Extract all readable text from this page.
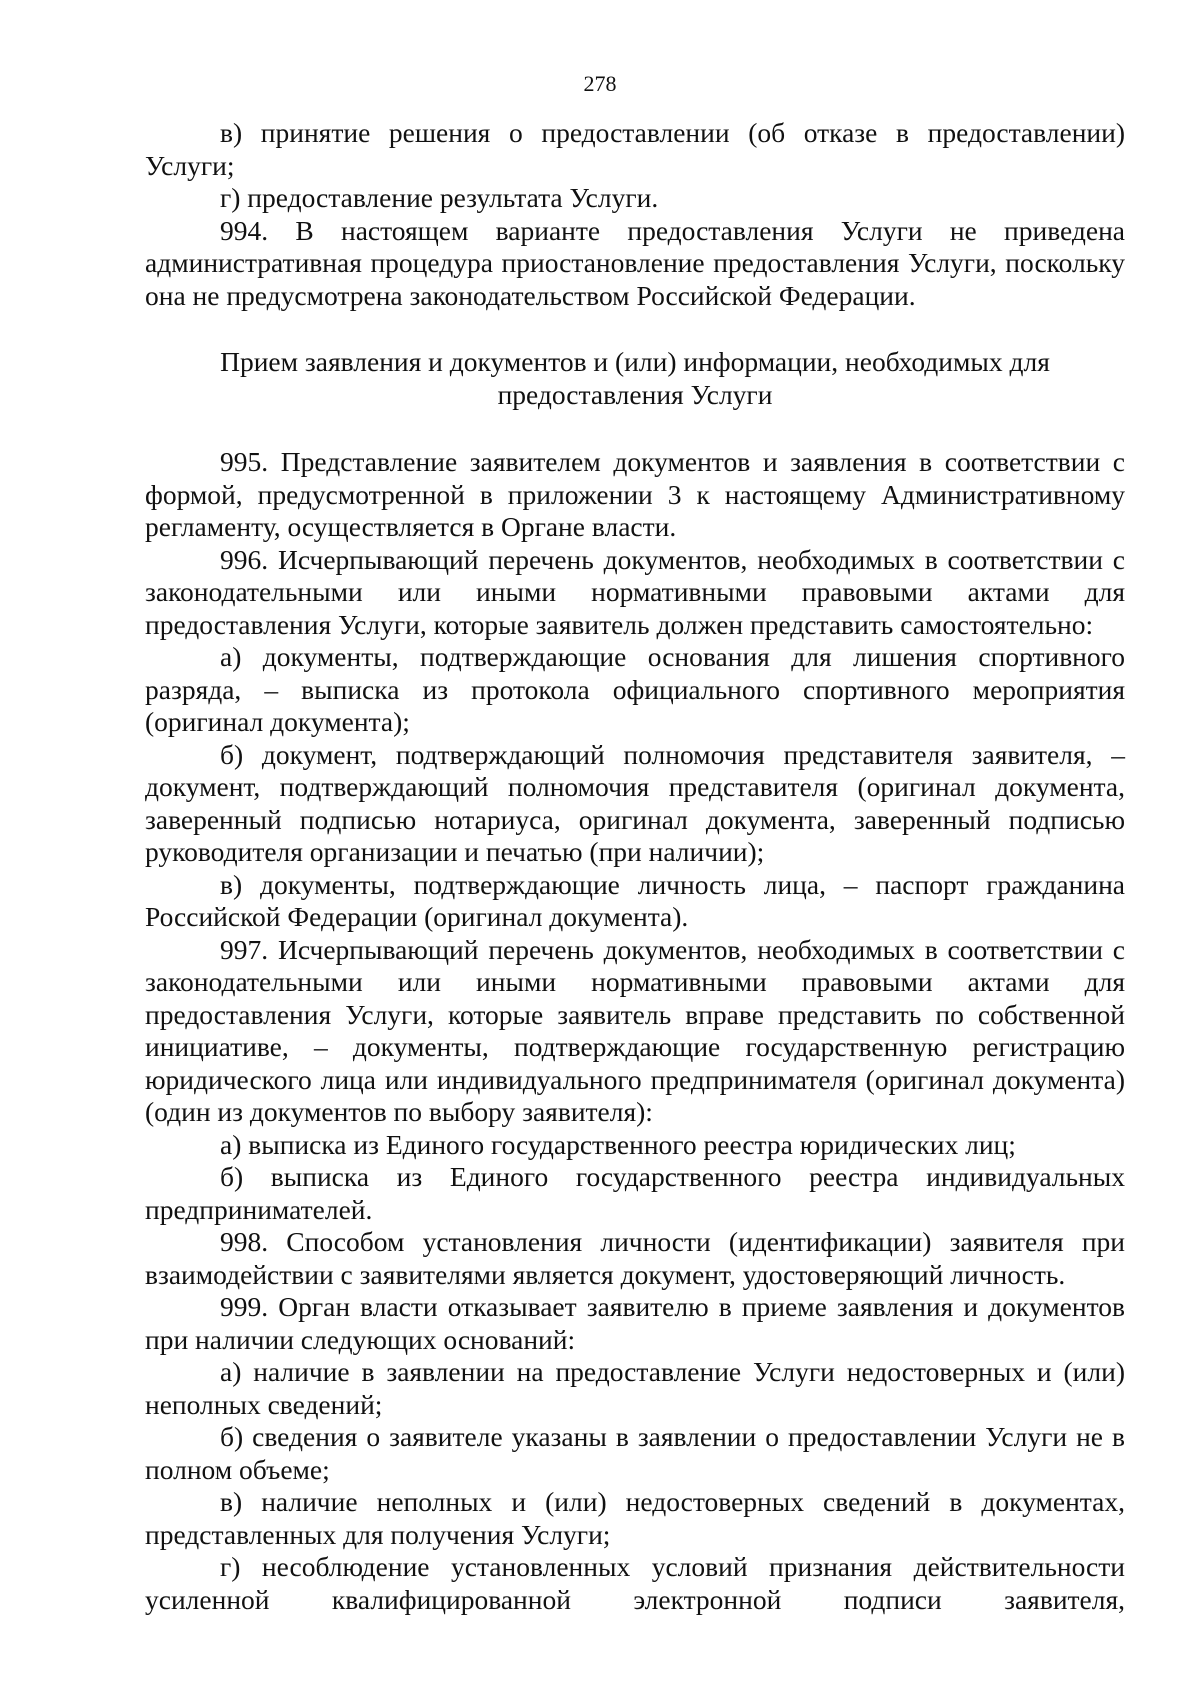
278

в) принятие решения о предоставлении (об отказе в предоставлении) Услуги;

г) предоставление результата Услуги.

994. В настоящем варианте предоставления Услуги не приведена административная процедура приостановление предоставления Услуги, поскольку она не предусмотрена законодательством Российской Федерации.

Прием заявления и документов и (или) информации, необходимых для предоставления Услуги

995. Представление заявителем документов и заявления в соответствии с формой, предусмотренной в приложении 3 к настоящему Административному регламенту, осуществляется в Органе власти.

996. Исчерпывающий перечень документов, необходимых в соответствии с законодательными или иными нормативными правовыми актами для предоставления Услуги, которые заявитель должен представить самостоятельно:

а) документы, подтверждающие основания для лишения спортивного разряда, – выписка из протокола официального спортивного мероприятия (оригинал документа);

б) документ, подтверждающий полномочия представителя заявителя, – документ, подтверждающий полномочия представителя (оригинал документа, заверенный подписью нотариуса, оригинал документа, заверенный подписью руководителя организации и печатью (при наличии);

в) документы, подтверждающие личность лица, – паспорт гражданина Российской Федерации (оригинал документа).

997. Исчерпывающий перечень документов, необходимых в соответствии с законодательными или иными нормативными правовыми актами для предоставления Услуги, которые заявитель вправе представить по собственной инициативе, – документы, подтверждающие государственную регистрацию юридического лица или индивидуального предпринимателя (оригинал документа) (один из документов по выбору заявителя):

а) выписка из Единого государственного реестра юридических лиц;

б) выписка из Единого государственного реестра индивидуальных предпринимателей.

998. Способом установления личности (идентификации) заявителя при взаимодействии с заявителями является документ, удостоверяющий личность.

999. Орган власти отказывает заявителю в приеме заявления и документов при наличии следующих оснований:

а) наличие в заявлении на предоставление Услуги недостоверных и (или) неполных сведений;

б) сведения о заявителе указаны в заявлении о предоставлении Услуги не в полном объеме;

в) наличие неполных и (или) недостоверных сведений в документах, представленных для получения Услуги;

г) несоблюдение установленных условий признания действительности усиленной квалифицированной электронной подписи заявителя,
